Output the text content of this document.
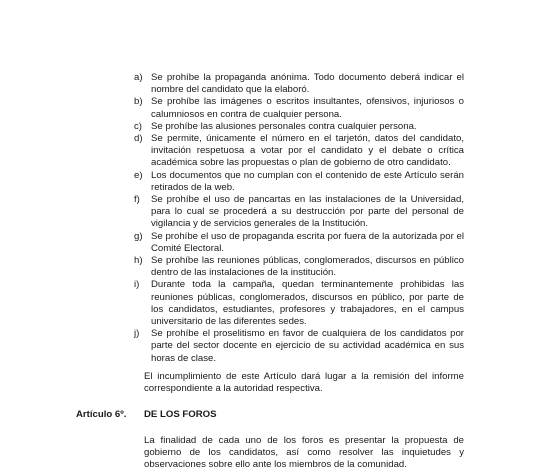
a) Se prohíbe la propaganda anónima. Todo documento deberá indicar el nombre del candidato que la elaboró.
b) Se prohíbe las imágenes o escritos insultantes, ofensivos, injuriosos o calumniosos en contra de cualquier persona.
c) Se prohíbe las alusiones personales contra cualquier persona.
d) Se permite, únicamente el número en el tarjetón, datos del candidato, invitación respetuosa a votar por el candidato y el debate o crítica académica sobre las propuestas o plan de gobierno de otro candidato.
e) Los documentos que no cumplan con el contenido de este Artículo serán retirados de la web.
f)	Se prohíbe el uso de pancartas en las instalaciones de la Universidad, para lo cual se procederá a su destrucción por parte del personal de vigilancia y de servicios generales de la Institución.
g) Se prohíbe el uso de propaganda escrita por fuera de la autorizada por el Comité Electoral.
h) Se prohíbe las reuniones públicas, conglomerados, discursos en público dentro de las instalaciones de la institución.
i)	Durante toda la campaña, quedan terminantemente prohibidas las reuniones públicas, conglomerados, discursos en público, por parte de los candidatos, estudiantes, profesores y trabajadores, en el campus universitario de las diferentes sedes.
j)	Se prohíbe el proselitismo en favor de cualquiera de los candidatos por parte del sector docente en ejercicio de su actividad académica en sus horas de clase.

El incumplimiento de este Artículo dará lugar a la remisión del informe correspondiente a la autoridad respectiva.

Artículo 6º. DE LOS FOROS

La finalidad de cada uno de los foros es presentar la propuesta de gobierno de los candidatos, así como resolver las inquietudes y observaciones sobre ello ante los miembros de la comunidad.
